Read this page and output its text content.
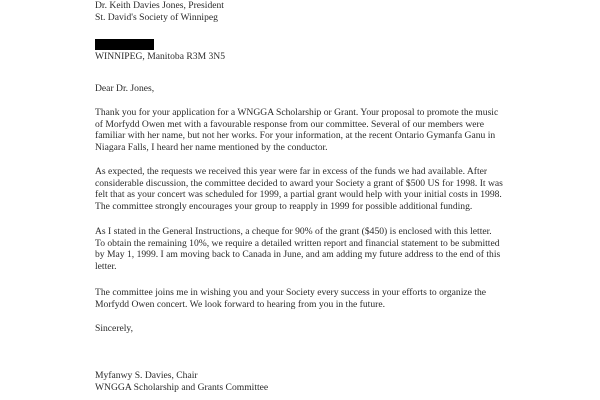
Dr. Keith Davies Jones, President
St. David's Society of Winnipeg
WINNIPEG, Manitoba R3M 3N5
Dear Dr. Jones,
Thank you for your application for a WNGGA Scholarship or Grant. Your proposal to promote the music
of Morfydd Owen met with a favourable response from our committee. Several of our members were
familiar with her name, but not her works. For your information, at the recent Ontario Gymanfa Ganu in
Niagara Falls, I heard her name mentioned by the conductor.
As expected, the requests we received this year were far in excess of the funds we had available. After
considerable discussion, the committee decided to award your Society a grant of $500 US for 1998. It was
felt that as your concert was scheduled for 1999, a partial grant would help with your initial costs in 1998.
The committee strongly encourages your group to reapply in 1999 for possible additional funding.
As I stated in the General Instructions, a cheque for 90% of the grant ($450) is enclosed with this letter.
To obtain the remaining 10%, we require a detailed written report and financial statement to be submitted
by May 1, 1999. I am moving back to Canada in June, and am adding my future address to the end of this
letter.
The committee joins me in wishing you and your Society every success in your efforts to organize the
Morfydd Owen concert. We look forward to hearing from you in the future.
Sincerely,
Myfanwy S. Davies, Chair
WNGGA Scholarship and Grants Committee
